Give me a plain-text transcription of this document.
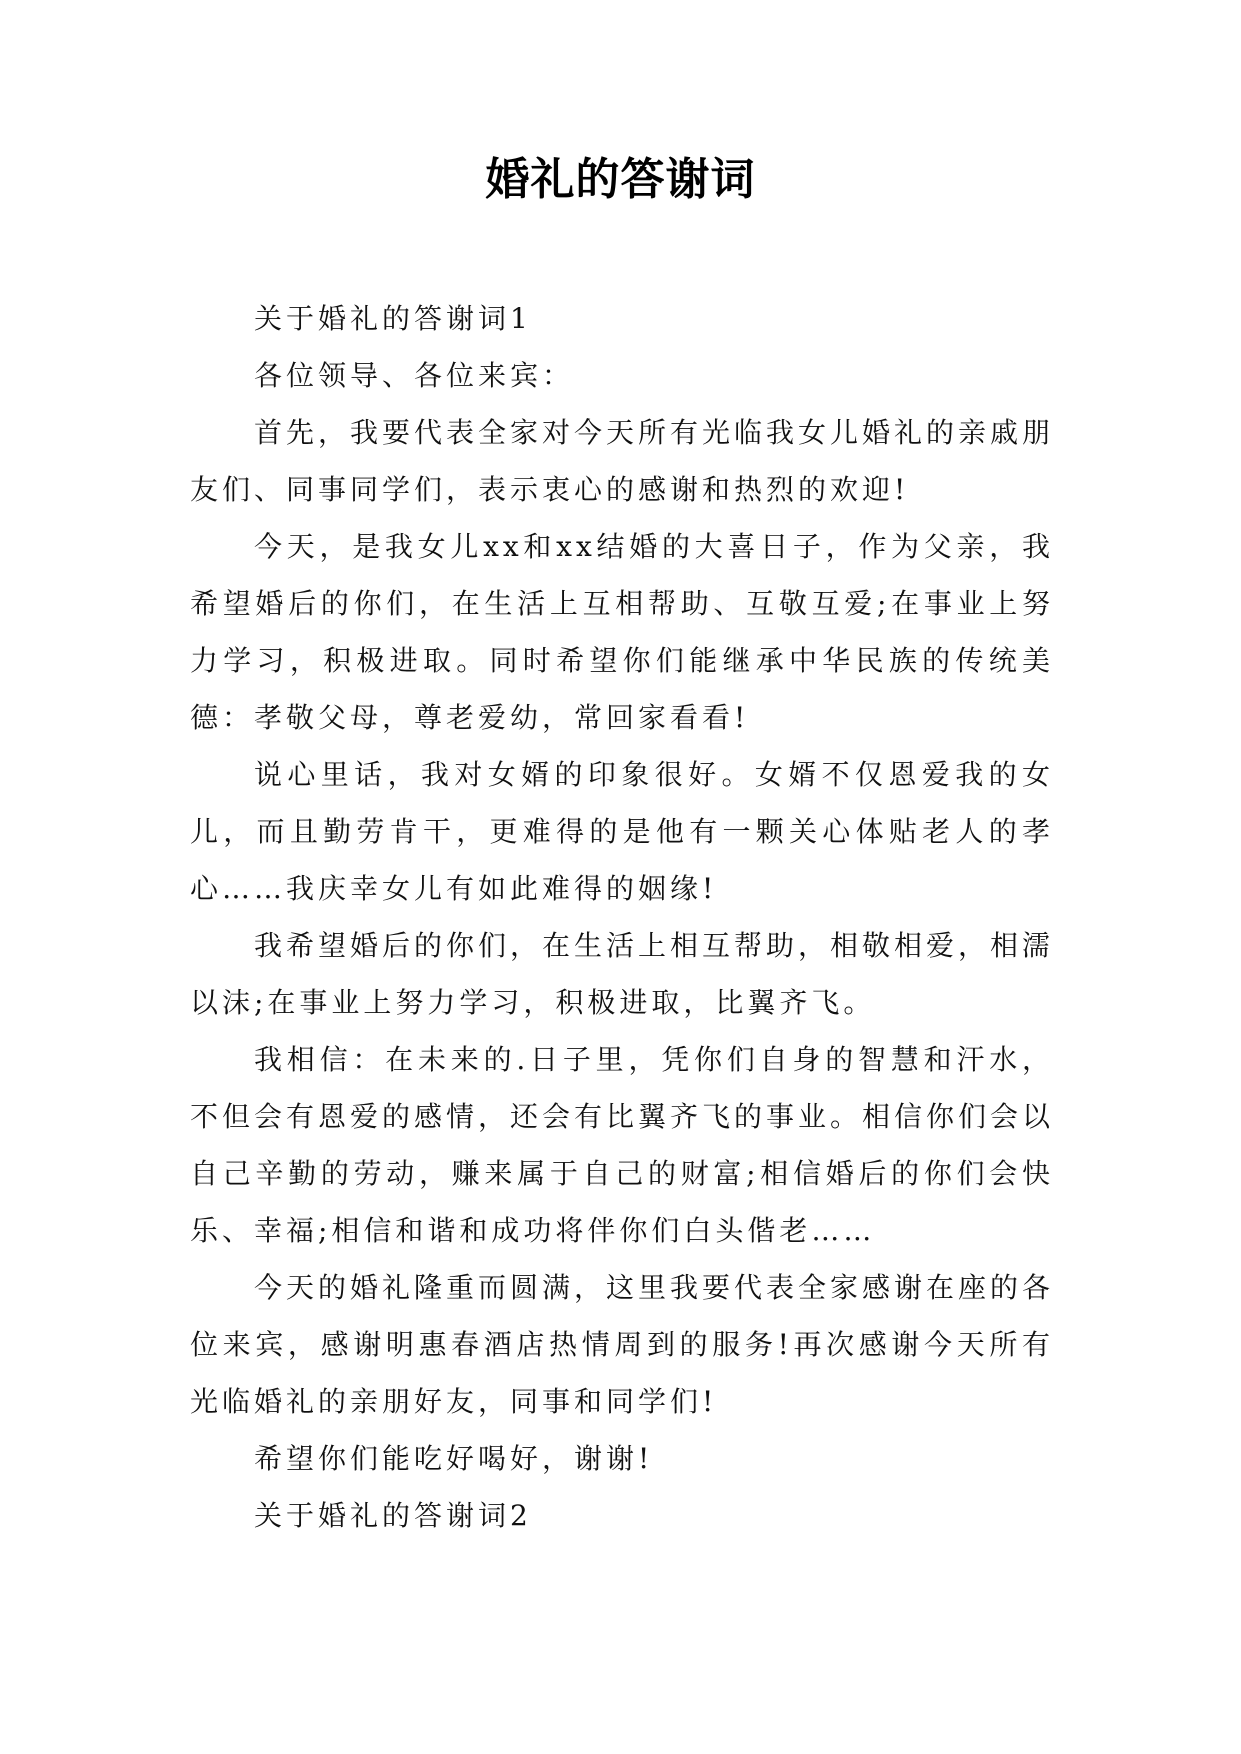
婚礼的答谢词

关于婚礼的答谢词1

各位领导、各位来宾：

首先，我要代表全家对今天所有光临我女儿婚礼的亲戚朋友们、同事同学们，表示衷心的感谢和热烈的欢迎!

今天，是我女儿xx和xx结婚的大喜日子，作为父亲，我希望婚后的你们，在生活上互相帮助、互敬互爱;在事业上努力学习，积极进取。同时希望你们能继承中华民族的传统美德：孝敬父母，尊老爱幼，常回家看看!

说心里话，我对女婿的印象很好。女婿不仅恩爱我的女儿，而且勤劳肯干，更难得的是他有一颗关心体贴老人的孝心……我庆幸女儿有如此难得的姻缘!

我希望婚后的你们，在生活上相互帮助，相敬相爱，相濡以沫;在事业上努力学习，积极进取，比翼齐飞。

我相信：在未来的.日子里，凭你们自身的智慧和汗水，不但会有恩爱的感情，还会有比翼齐飞的事业。相信你们会以自己辛勤的劳动，赚来属于自己的财富;相信婚后的你们会快乐、幸福;相信和谐和成功将伴你们白头偕老……

今天的婚礼隆重而圆满，这里我要代表全家感谢在座的各位来宾，感谢明惠春酒店热情周到的服务!再次感谢今天所有光临婚礼的亲朋好友，同事和同学们!

希望你们能吃好喝好，谢谢!

关于婚礼的答谢词2
